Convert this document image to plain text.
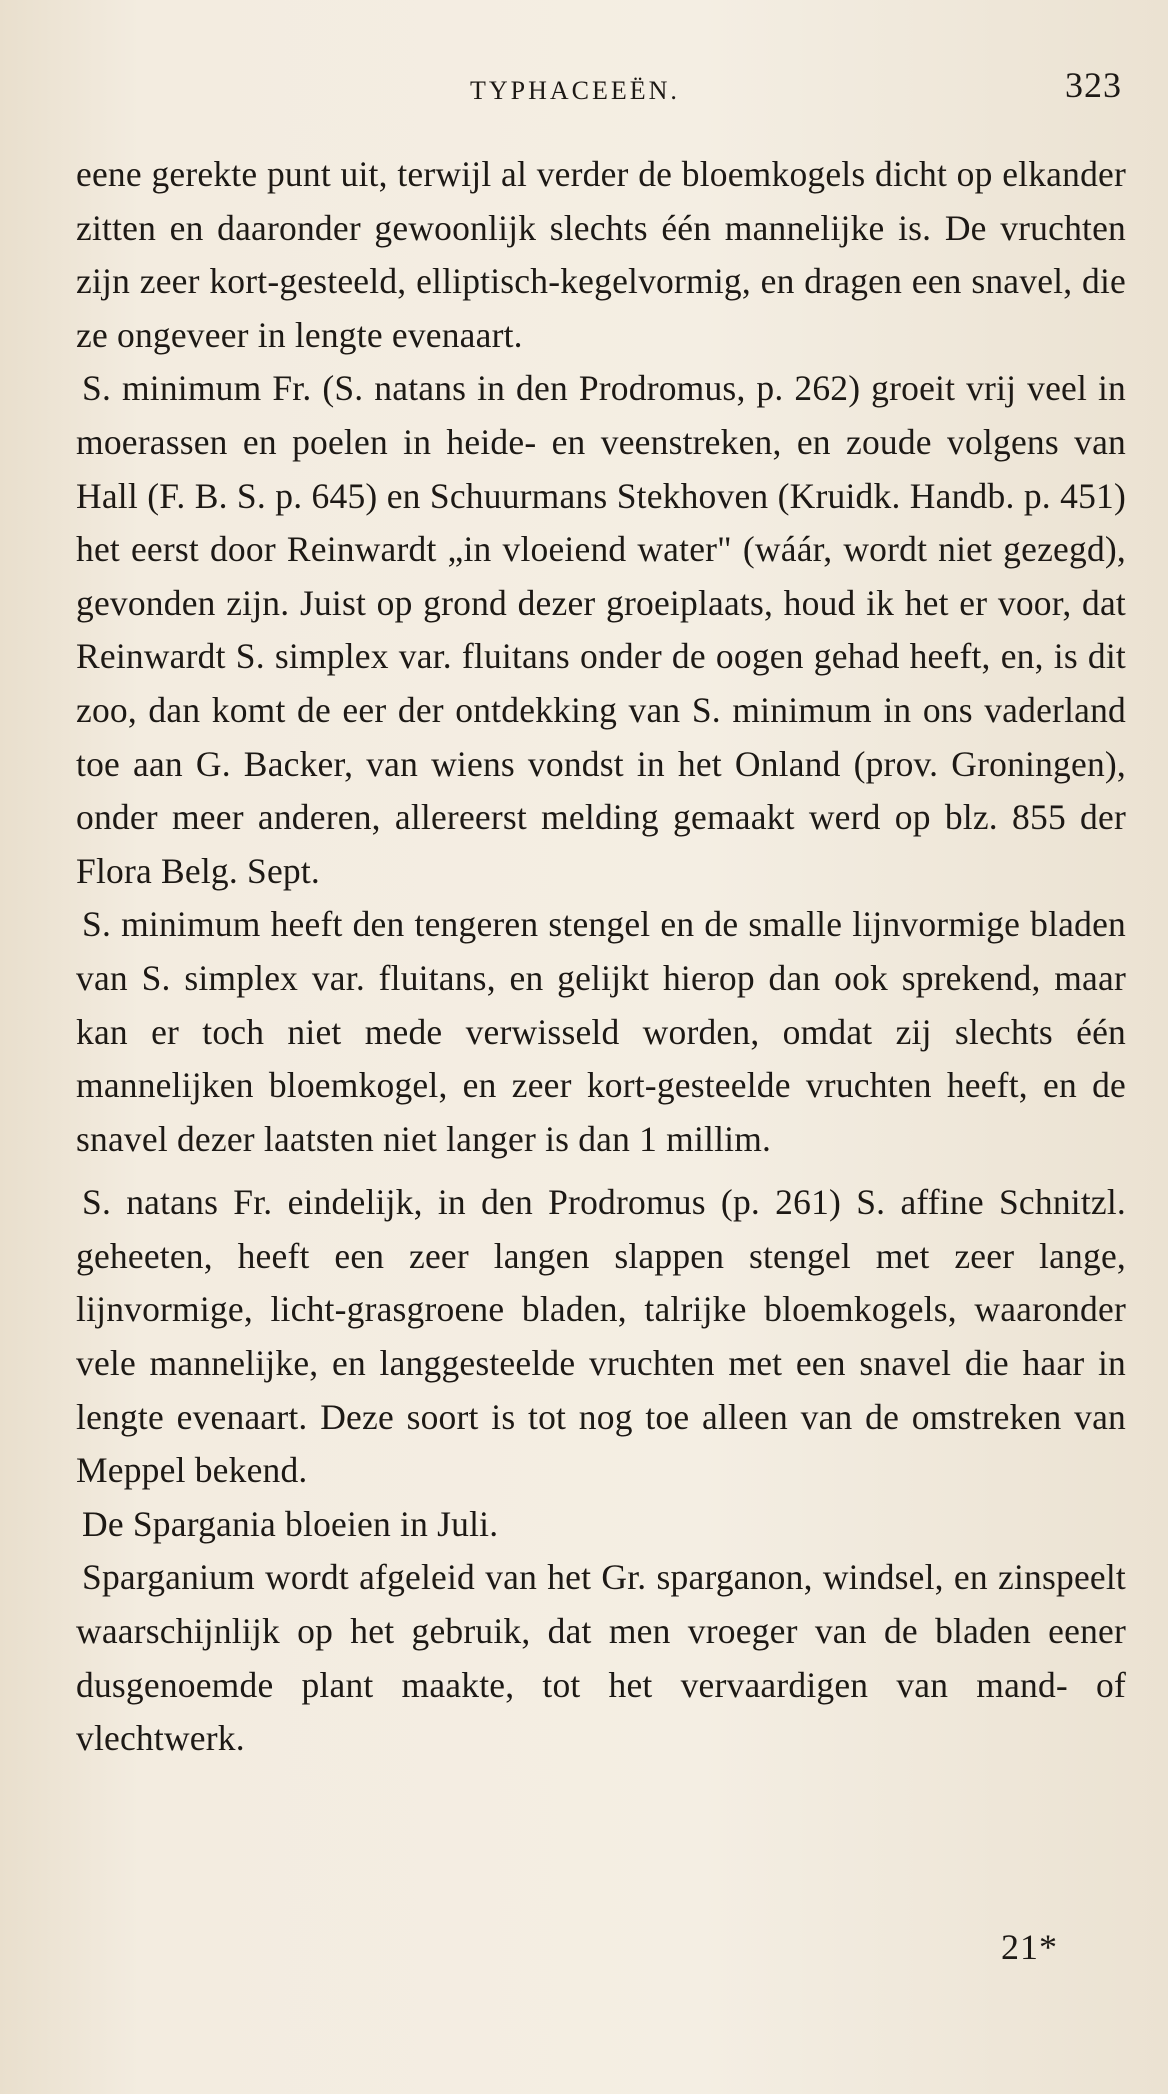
TYPHACEEËN.	323

eene gerekte punt uit, terwijl al verder de bloemkogels dicht op elkander zitten en daaronder gewoonlijk slechts één mannelijke is. De vruchten zijn zeer kort-gesteeld, elliptisch-kegelvormig, en dragen een snavel, die ze ongeveer in lengte evenaart.

S. minimum Fr. (S. natans in den Prodromus, p. 262) groeit vrij veel in moerassen en poelen in heide- en veenstreken, en zoude volgens van Hall (F. B. S. p. 645) en Schuurmans Stekhoven (Kruidk. Handb. p. 451) het eerst door Reinwardt „in vloeiend water" (wáár, wordt niet gezegd), gevonden zijn. Juist op grond dezer groeiplaats, houd ik het er voor, dat Reinwardt S. simplex var. fluitans onder de oogen gehad heeft, en, is dit zoo, dan komt de eer der ontdekking van S. minimum in ons vaderland toe aan G. Backer, van wiens vondst in het Onland (prov. Groningen), onder meer anderen, allereerst melding gemaakt werd op blz. 855 der Flora Belg. Sept.

S. minimum heeft den tengeren stengel en de smalle lijnvormige bladen van S. simplex var. fluitans, en gelijkt hierop dan ook sprekend, maar kan er toch niet mede verwisseld worden, omdat zij slechts één mannelijken bloemkogel, en zeer kort-gesteelde vruchten heeft, en de snavel dezer laatsten niet langer is dan 1 millim.

S. natans Fr. eindelijk, in den Prodromus (p. 261) S. affine Schnitzl. geheeten, heeft een zeer langen slappen stengel met zeer lange, lijnvormige, licht-grasgroene bladen, talrijke bloemkogels, waaronder vele mannelijke, en langgesteelde vruchten met een snavel die haar in lengte evenaart. Deze soort is tot nog toe alleen van de omstreken van Meppel bekend.

De Spargania bloeien in Juli.

Sparganium wordt afgeleid van het Gr. sparganon, windsel, en zinspeelt waarschijnlijk op het gebruik, dat men vroeger van de bladen eener dusgenoemde plant maakte, tot het vervaardigen van mand- of vlechtwerk.

21*
